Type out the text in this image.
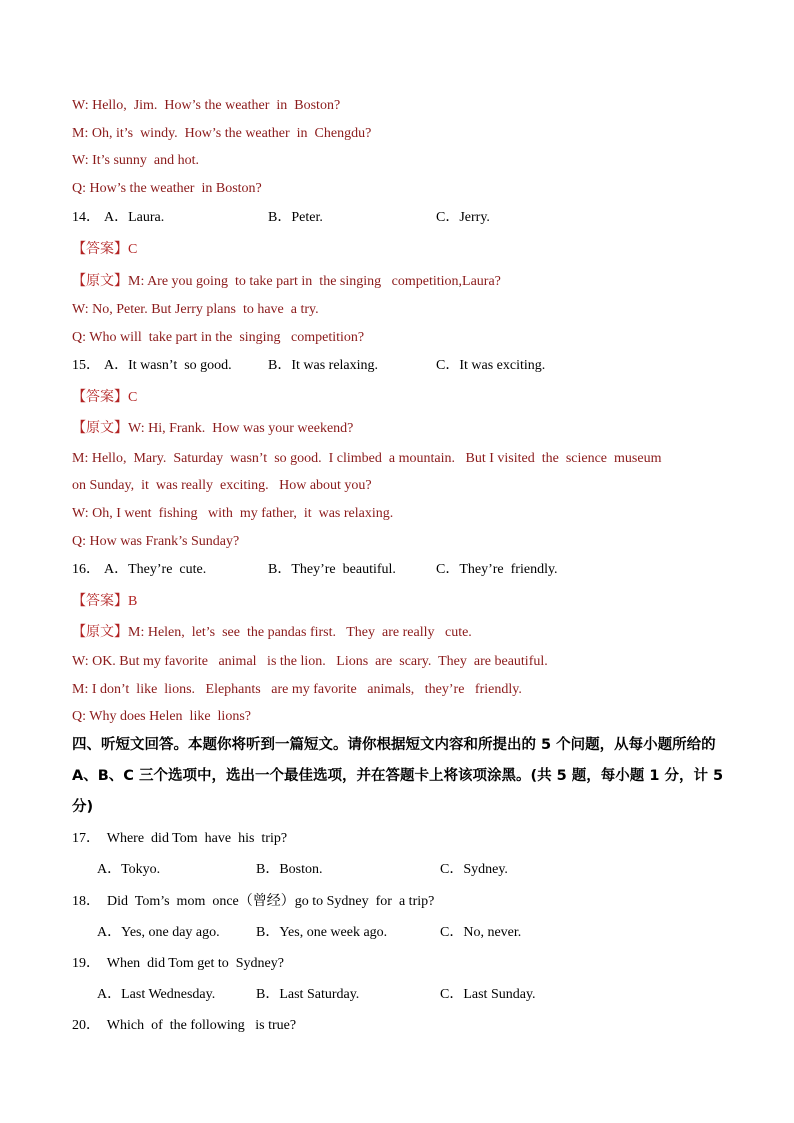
W: Hello,  Jim.  How’s the weather  in  Boston?
M: Oh, it’s  windy.  How’s the weather  in  Chengdu?
W: It’s sunny  and hot.
Q: How’s the weather  in Boston?
14． A．Laura.	B．Peter.	C．Jerry.
【答案】C
【原文】M: Are you going  to take part in  the singing   competition,Laura?
W: No, Peter. But Jerry plans  to have  a try.
Q: Who will  take part in the  singing   competition?
15． A．It wasn’t  so good.	B．It was relaxing.	C．It was exciting.
【答案】C
【原文】W: Hi, Frank.  How was your weekend?
M: Hello,  Mary.  Saturday  wasn’t  so good.  I climbed  a mountain.   But I visited  the  science  museum
on Sunday,  it  was really  exciting.   How about you?
W: Oh, I went  fishing   with  my father,  it  was relaxing.
Q: How was Frank’s Sunday?
16． A．They’re  cute.	B．They’re  beautiful.	C．They’re  friendly.
【答案】B
【原文】M: Helen,  let’s  see  the pandas first.   They  are really   cute.
W: OK. But my favorite   animal   is the lion.   Lions  are  scary.  They  are beautiful.
M: I don’t  like  lions.   Elephants   are my favorite   animals,   they’re   friendly.
Q: Why does Helen  like  lions?
四、听短文回答。本题你将听到一篇短文。请你根据短文内容和所提出的 5 个问题，从每小题所给的 A、B、C 三个选项中，选出一个最佳选项，并在答题卡上将该项涂黑。(共 5 题，每小题 1 分，计 5 分)
17．  Where  did Tom  have  his  trip?
A．Tokyo.	B．Boston.	C．Sydney.
18．  Did  Tom’s  mom  once（曾经）go to Sydney  for  a trip?
A．Yes, one day ago.	B．Yes, one week ago.	C．No, never.
19．  When  did Tom get to  Sydney?
A．Last Wednesday.	B．Last Saturday.	C．Last Sunday.
20．  Which  of  the following   is true?
